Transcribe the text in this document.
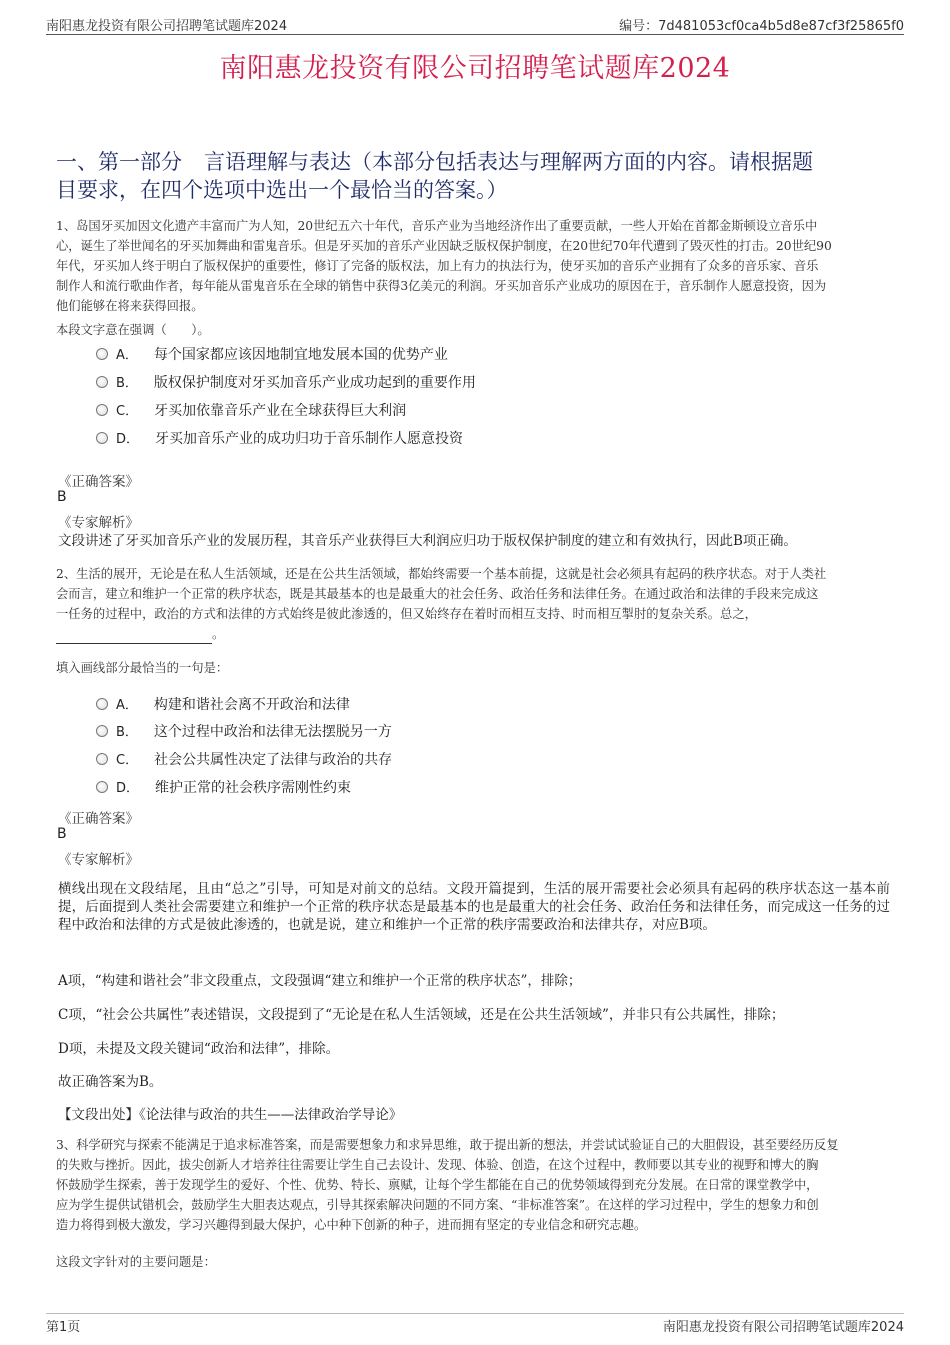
南阳惠龙投资有限公司招聘笔试题库2024	编号：7d481053cf0ca4b5d8e87cf3f25865f0
南阳惠龙投资有限公司招聘笔试题库2024
一、第一部分 言语理解与表达（本部分包括表达与理解两方面的内容。请根据题
目要求，在四个选项中选出一个最恰当的答案。）
1、岛国牙买加因文化遗产丰富而广为人知，20世纪五六十年代，音乐产业为当地经济作出了重要贡献，一些人开始在首都金斯顿设立音乐中
心，诞生了举世闻名的牙买加舞曲和雷鬼音乐。但是牙买加的音乐产业因缺乏版权保护制度，在20世纪70年代遭到了毁灭性的打击。20世纪90
年代，牙买加人终于明白了版权保护的重要性，修订了完备的版权法，加上有力的执法行为，使牙买加的音乐产业拥有了众多的音乐家、音乐
制作人和流行歌曲作者，每年能从雷鬼音乐在全球的销售中获得3亿美元的利润。牙买加音乐产业成功的原因在于，音乐制作人愿意投资，因为
他们能够在将来获得回报。
本段文字意在强调（　　）。
A． 每个国家都应该因地制宜地发展本国的优势产业
B． 版权保护制度对牙买加音乐产业成功起到的重要作用
C． 牙买加依靠音乐产业在全球获得巨大利润
D． 牙买加音乐产业的成功归功于音乐制作人愿意投资
《正确答案》
B
《专家解析》
文段讲述了牙买加音乐产业的发展历程，其音乐产业获得巨大利润应归功于版权保护制度的建立和有效执行，因此B项正确。
2、生活的展开，无论是在私人生活领域，还是在公共生活领域，都始终需要一个基本前提，这就是社会必须具有起码的秩序状态。对于人类社
会而言，建立和维护一个正常的秩序状态，既是其最基本的也是最重大的社会任务、政治任务和法律任务。在通过政治和法律的手段来完成这
一任务的过程中，政治的方式和法律的方式始终是彼此渗透的，但又始终存在着时而相互支持、时而相互掣肘的复杂关系。总之，
。
填入画线部分最恰当的一句是：
A． 构建和谐社会离不开政治和法律
B． 这个过程中政治和法律无法摆脱另一方
C． 社会公共属性决定了法律与政治的共存
D． 维护正常的社会秩序需刚性约束
《正确答案》
B
《专家解析》
横线出现在文段结尾，且由“总之”引导，可知是对前文的总结。文段开篇提到，生活的展开需要社会必须具有起码的秩序状态这一基本前提，后面提到人类社会需要建立和维护一个正常的秩序状态是最基本的也是最重大的社会任务、政治任务和法律任务，而完成这一任务的过程中政治和法律的方式是彼此渗透的，也就是说，建立和维护一个正常的秩序需要政治和法律共存，对应B项。
A项，“构建和谐社会”非文段重点，文段强调“建立和维护一个正常的秩序状态”，排除；
C项，“社会公共属性”表述错误，文段提到了“无论是在私人生活领域，还是在公共生活领域”，并非只有公共属性，排除；
D项，未提及文段关键词“政治和法律”，排除。
故正确答案为B。
【文段出处】《论法律与政治的共生——法律政治学导论》
3、科学研究与探索不能满足于追求标准答案，而是需要想象力和求异思维，敢于提出新的想法，并尝试试验证自己的大胆假设，甚至要经历反复
的失败与挫折。因此，拔尖创新人才培养往往需要让学生自己去设计、发现、体验、创造，在这个过程中，教师要以其专业的视野和博大的胸
怀鼓励学生探索，善于发现学生的爱好、个性、优势、特长、禀赋，让每个学生都能在自己的优势领域得到充分发展。在日常的课堂教学中，
应为学生提供试错机会，鼓励学生大胆表达观点，引导其探索解决问题的不同方案、“非标准答案”。在这样的学习过程中，学生的想象力和创
造力将得到极大激发，学习兴趣得到最大保护，心中种下创新的种子，进而拥有坚定的专业信念和研究志趣。
这段文字针对的主要问题是：
第1页	南阳惠龙投资有限公司招聘笔试题库2024
